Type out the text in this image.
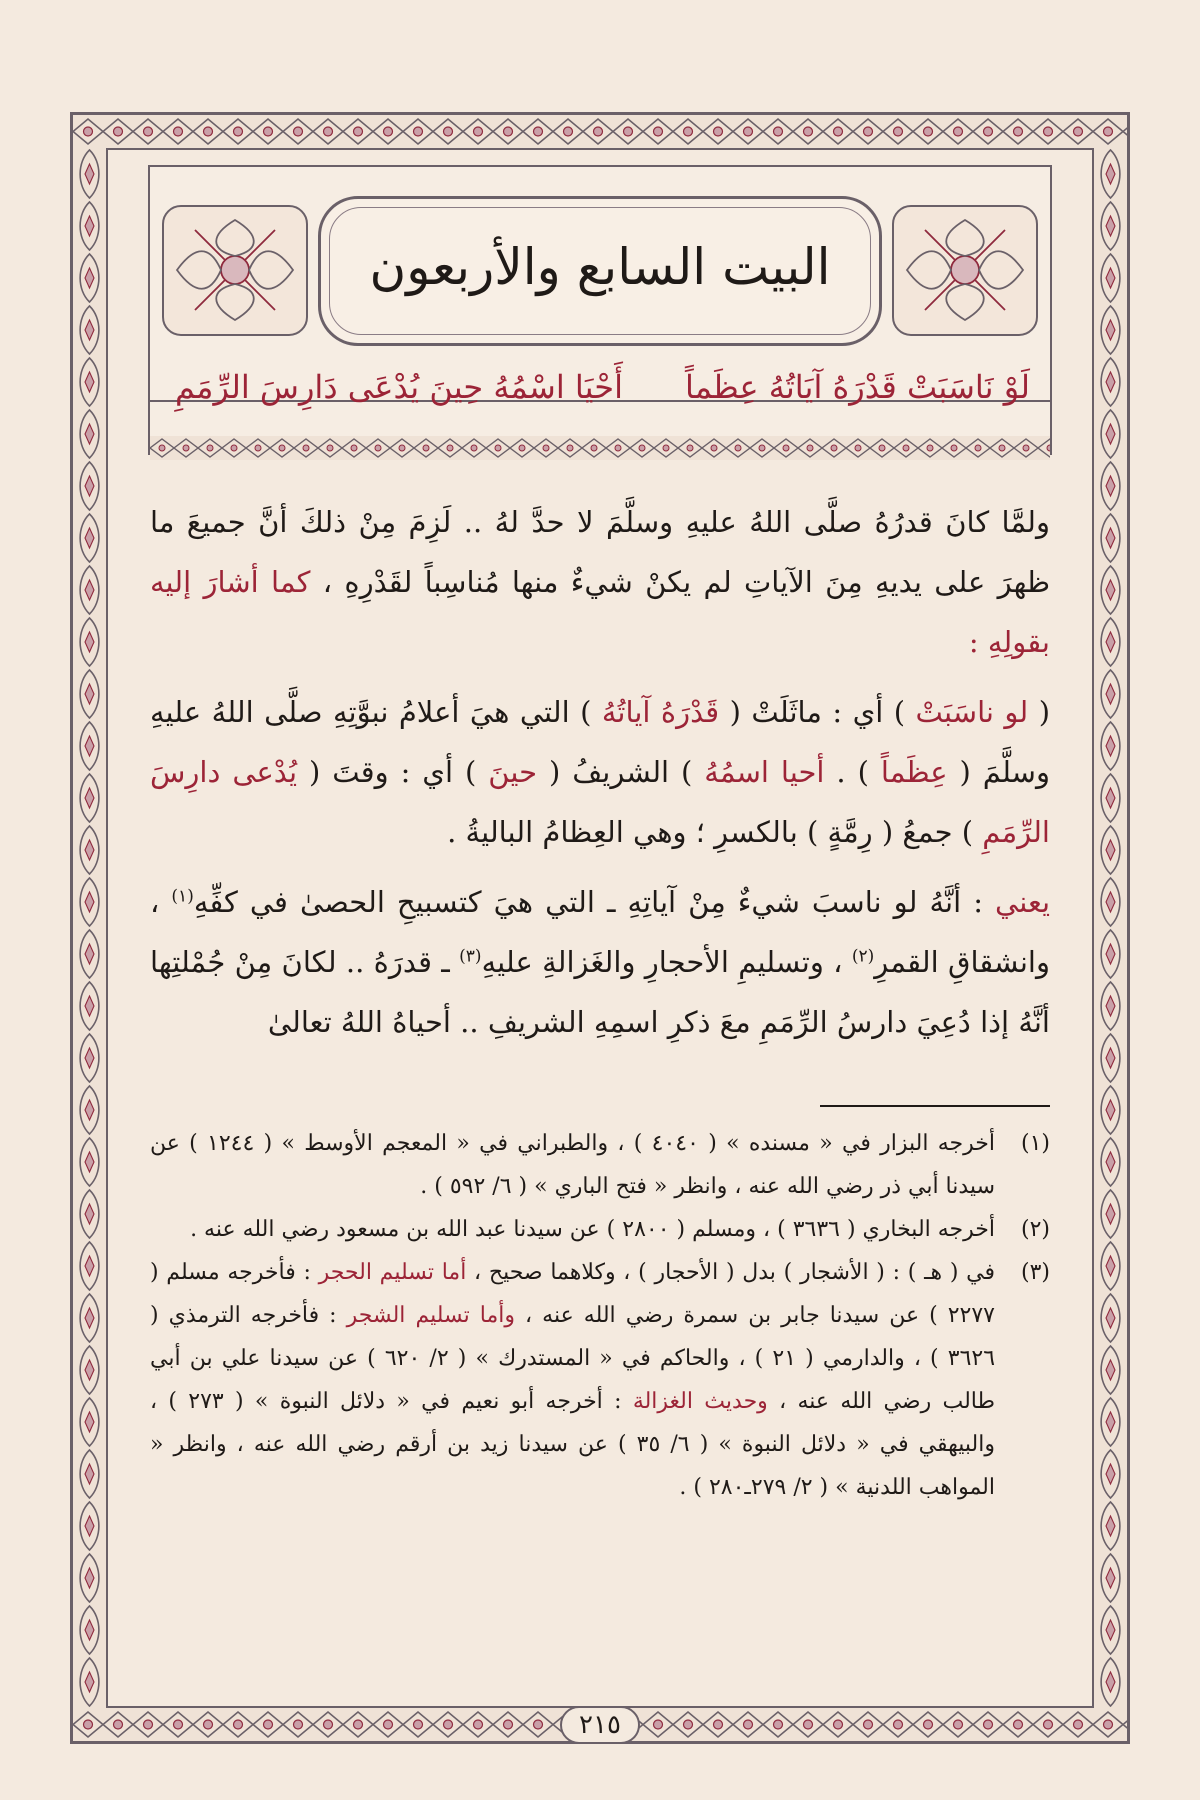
البيت السابع والأربعون
لَوْ نَاسَبَتْ قَدْرَهُ آيَاتُهُ عِظَماً
أَحْيَا اسْمُهُ حِينَ يُدْعَى دَارِسَ الرِّمَمِ
ولمَّا كانَ قدرُهُ صلَّى اللهُ عليهِ وسلَّمَ لا حدَّ لهُ .. لَزِمَ مِنْ ذلكَ أنَّ جميعَ ما ظهرَ على يديهِ مِنَ الآياتِ لم يكنْ شيءٌ منها مُناسِباً لقَدْرِهِ ، كما أشارَ إليه بقولِهِ :
( لو ناسَبَتْ ) أي : ماثَلَتْ ( قَدْرَهُ آياتُهُ ) التي هيَ أعلامُ نبوَّتِهِ صلَّى اللهُ عليهِ وسلَّمَ ( عِظَماً ) . أحيا اسمُهُ ) الشريفُ ( حينَ ) أي : وقتَ ( يُدْعى دارِسَ الرِّمَمِ ) جمعُ ( رِمَّةٍ ) بالكسرِ ؛ وهي العِظامُ الباليةُ .
يعني : أنَّهُ لو ناسبَ شيءٌ مِنْ آياتِهِ ـ التي هيَ كتسبيحِ الحصىٰ في كفِّهِ$^{(١)}$ ، وانشقاقِ القمرِ$^{(٢)}$ ، وتسليمِ الأحجارِ والغَزالةِ عليهِ$^{(٣)}$ ـ قدرَهُ .. لكانَ مِنْ جُمْلتِها أنَّهُ إذا دُعِيَ دارسُ الرِّمَمِ معَ ذكرِ اسمِهِ الشريفِ .. أحياهُ اللهُ تعالىٰ
(١)
أخرجه البزار في « مسنده » ( ٤٠٤٠ ) ، والطبراني في « المعجم الأوسط » ( ١٢٤٤ ) عن سيدنا أبي ذر رضي الله عنه ، وانظر « فتح الباري » ( ٦/ ٥٩٢ ) .
(٢)
أخرجه البخاري ( ٣٦٣٦ ) ، ومسلم ( ٢٨٠٠ ) عن سيدنا عبد الله بن مسعود رضي الله عنه .
(٣)
في ( هـ ) : ( الأشجار ) بدل ( الأحجار ) ، وكلاهما صحيح ، أما تسليم الحجر : فأخرجه مسلم ( ٢٢٧٧ ) عن سيدنا جابر بن سمرة رضي الله عنه ، وأما تسليم الشجر : فأخرجه الترمذي ( ٣٦٢٦ ) ، والدارمي ( ٢١ ) ، والحاكم في « المستدرك » ( ٢/ ٦٢٠ ) عن سيدنا علي بن أبي طالب رضي الله عنه ، وحديث الغزالة : أخرجه أبو نعيم في « دلائل النبوة » ( ٢٧٣ ) ، والبيهقي في « دلائل النبوة » ( ٦/ ٣٥ ) عن سيدنا زيد بن أرقم رضي الله عنه ، وانظر « المواهب اللدنية » ( ٢/ ٢٧٩ـ٢٨٠ ) .
٢١٥
